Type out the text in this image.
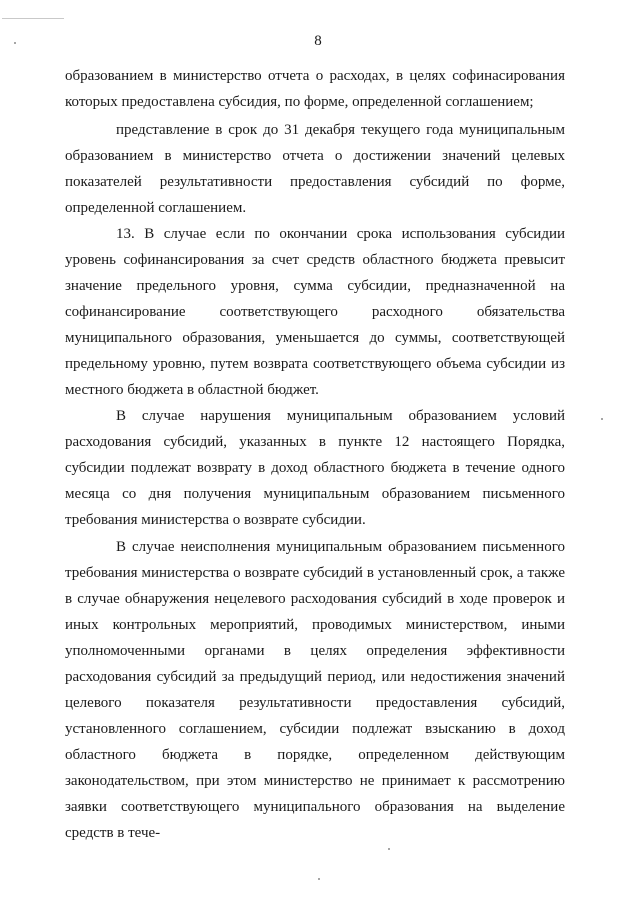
8

образованием в министерство отчета о расходах, в целях софинасирования которых предоставлена субсидия, по форме, определенной соглашением;

представление в срок до 31 декабря текущего года муниципальным образованием в министерство отчета о достижении значений целевых показателей результативности предоставления субсидий по форме, определенной соглашением.

13. В случае если по окончании срока использования субсидии уровень софинансирования за счет средств областного бюджета превысит значение предельного уровня, сумма субсидии, предназначенной на софинансирование соответствующего расходного обязательства муниципального образования, уменьшается до суммы, соответствующей предельному уровню, путем возврата соответствующего объема субсидии из местного бюджета в областной бюджет.

В случае нарушения муниципальным образованием условий расходования субсидий, указанных в пункте 12 настоящего Порядка, субсидии подлежат возврату в доход областного бюджета в течение одного месяца со дня получения муниципальным образованием письменного требования министерства о возврате субсидии.

В случае неисполнения муниципальным образованием письменного требования министерства о возврате субсидий в установленный срок, а также в случае обнаружения нецелевого расходования субсидий в ходе проверок и иных контрольных мероприятий, проводимых министерством, иными уполномоченными органами в целях определения эффективности расходования субсидий за предыдущий период, или недостижения значений целевого показателя результативности предоставления субсидий, установленного соглашением, субсидии подлежат взысканию в доход областного бюджета в порядке, определенном действующим законодательством, при этом министерство не принимает к рассмотрению заявки соответствующего муниципального образования на выделение средств в тече-
